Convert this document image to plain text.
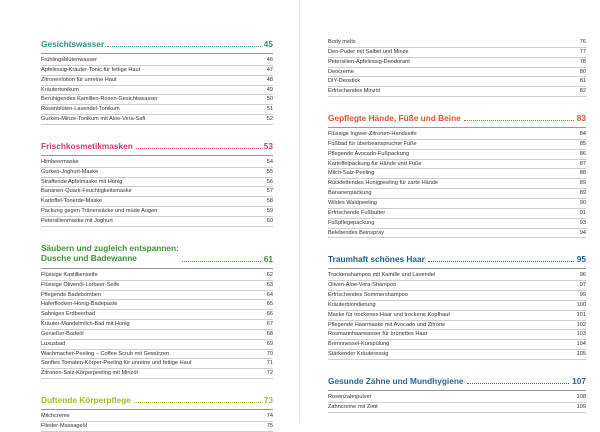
Gesichtswasser	45
Frühlingsblütenwasser	46
Apfelessig-Kräuter-Tonic für fettige Haut	47
Zitronenlotion für unreine Haut	48
Kräutertonikum	49
Beruhigendes Kamillen-Rosen-Gesichtswasser	50
Rosenblüten-Lavendel-Tonikum	51
Gurken-Minze-Tonikum mit Aloe-Vera-Saft	52
Frischkosmetikmasken	53
Himbeermaske	54
Gurken-Joghurt-Maske	55
Straffende Apfelmaske mit Honig	56
Bananen-Quark-Feuchtigkeitsmaske	57
Kartoffel-Tonerde-Maske	58
Packung gegen Tränensäcke und müde Augen	59
Petersilienmaske mit Joghurt	60
Säubern und zugleich entspannen:
Dusche und Badewanne	61
Flüssige Kastillienseife	62
Flüssige Olivenöl-Lorbeer-Seife	63
Pflegende Badebomben	64
Haferflocken-Honig-Badepaste	65
Sahniges Erdbeerbad	66
Kräuter-Mandelmilch-Bad mit Honig	67
Genießer-Badeöl	68
Luxusbad	69
Wachmacher-Peeling – Coffee Scrub mit Gewürzen	70
Sanftes Tomaten-Körper-Peeling für unreine und fettige Haut	71
Zitronen-Salz-Körperpeeling mit Minzöl	72
Duftende Körperpflege	73
Milchcreme	74
Flieder-Massageöl	75
Body melts	76
Deo-Puder mit Salbei und Minze	77
Petersilien-Apfelessig-Deodorant	78
Deocreme	80
DIY-Deostick	81
Erfrischendes Minzöl	82
Gepflegte Hände, Füße und Beine	83
Flüssige Ingwer-Zitronen-Handseife	84
Fußbad für überbeanspruchte Füße	85
Pflegende Avocado-Fußpackung	86
Kartoffelpackung für Hände und Füße	87
Milch-Salz-Peeling	88
Rückfettendes Honigpeeling für zarte Hände	89
Bananenpackung	89
Wildes Waldpeeling	90
Erfrischende Fußbutter	91
Fußpflegepackung	93
Belebendes Beinspray	94
Traumhaft schönes Haar	95
Trockenshampoo mit Kamille und Lavendel	96
Oliven-Aloe-Vera-Shampoo	97
Erfrischendes Sommershampoo	99
Kräuterblondierung	100
Maske für trockenes Haar und trockene Kopfhaut	101
Pflegende Haarmaske mit Avocado und Zitrone	102
Rosmarinhaarwasser für brünettes Haar	103
Brennnessel-Kurspülung	104
Stärkender Kräuteressig	105
Gesunde Zähne und Mundhygiene	107
Rosenzahnpulver	108
Zahncreme mit Zimt	109
